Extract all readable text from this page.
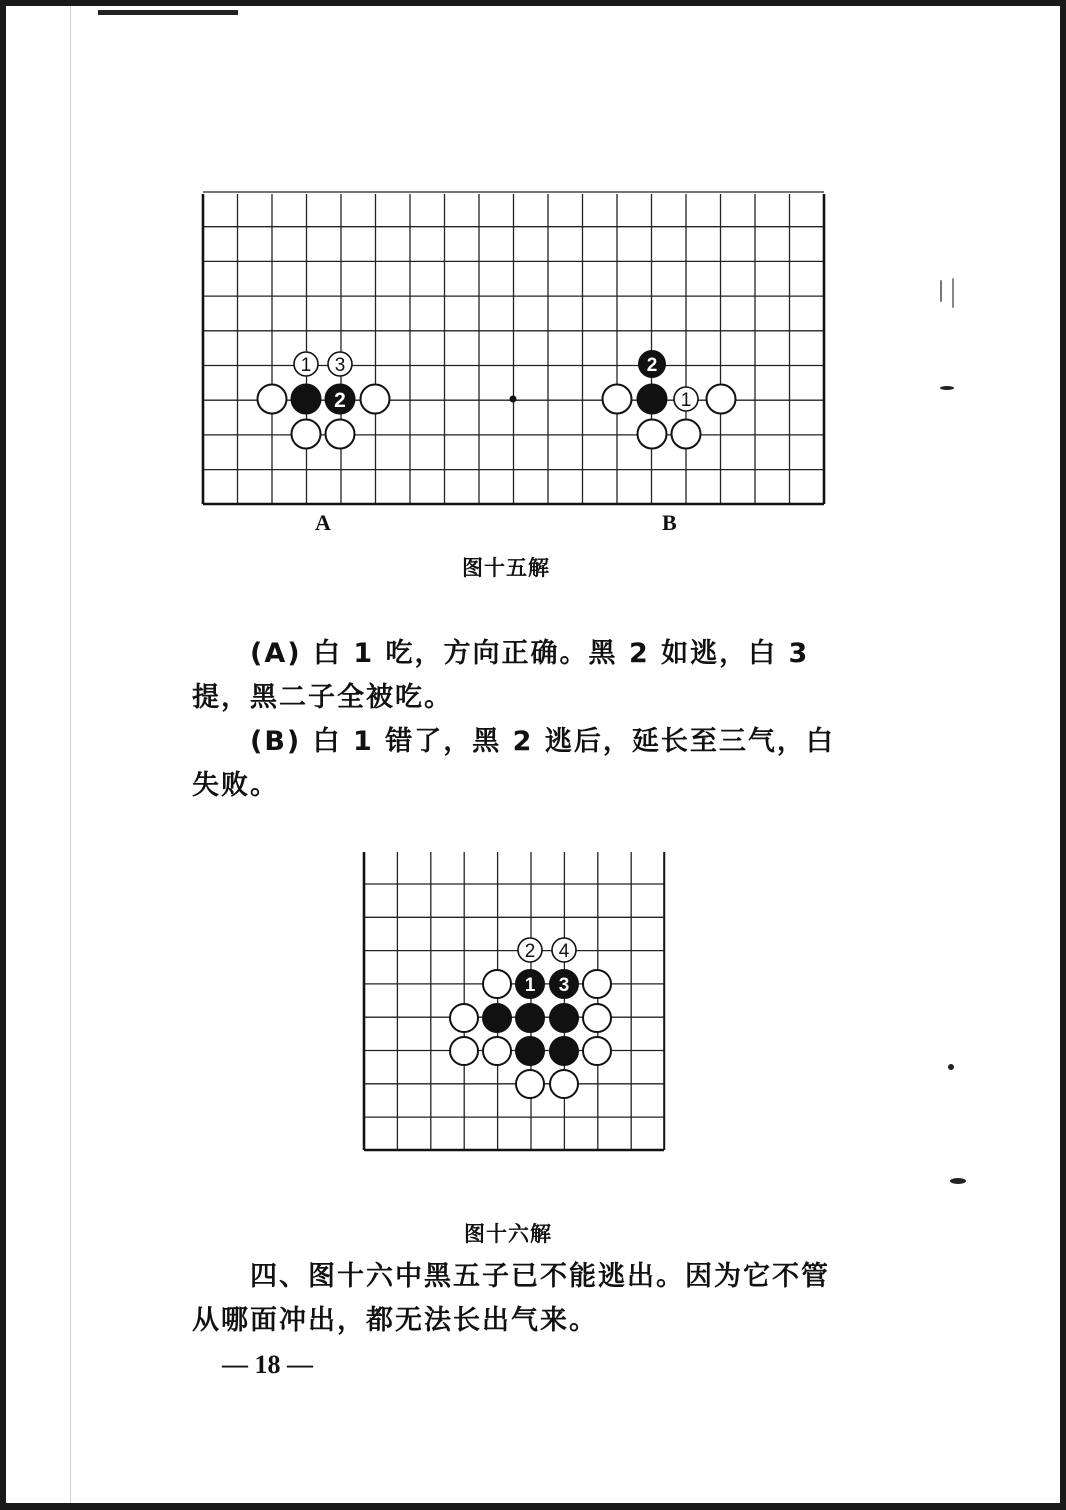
2
1 3
1
2
A	B
图十五解

(A) 白 1 吃，方向正确。黑 2 如逃，白 3 提，黑二子全被吃。

(B) 白 1 错了，黑 2 逃后，延长至三气，白失败。

2 4
1 3
图十六解

四、图十六中黑五子已不能逃出。因为它不管从哪面冲出，都无法长出气来。

— 18 —
